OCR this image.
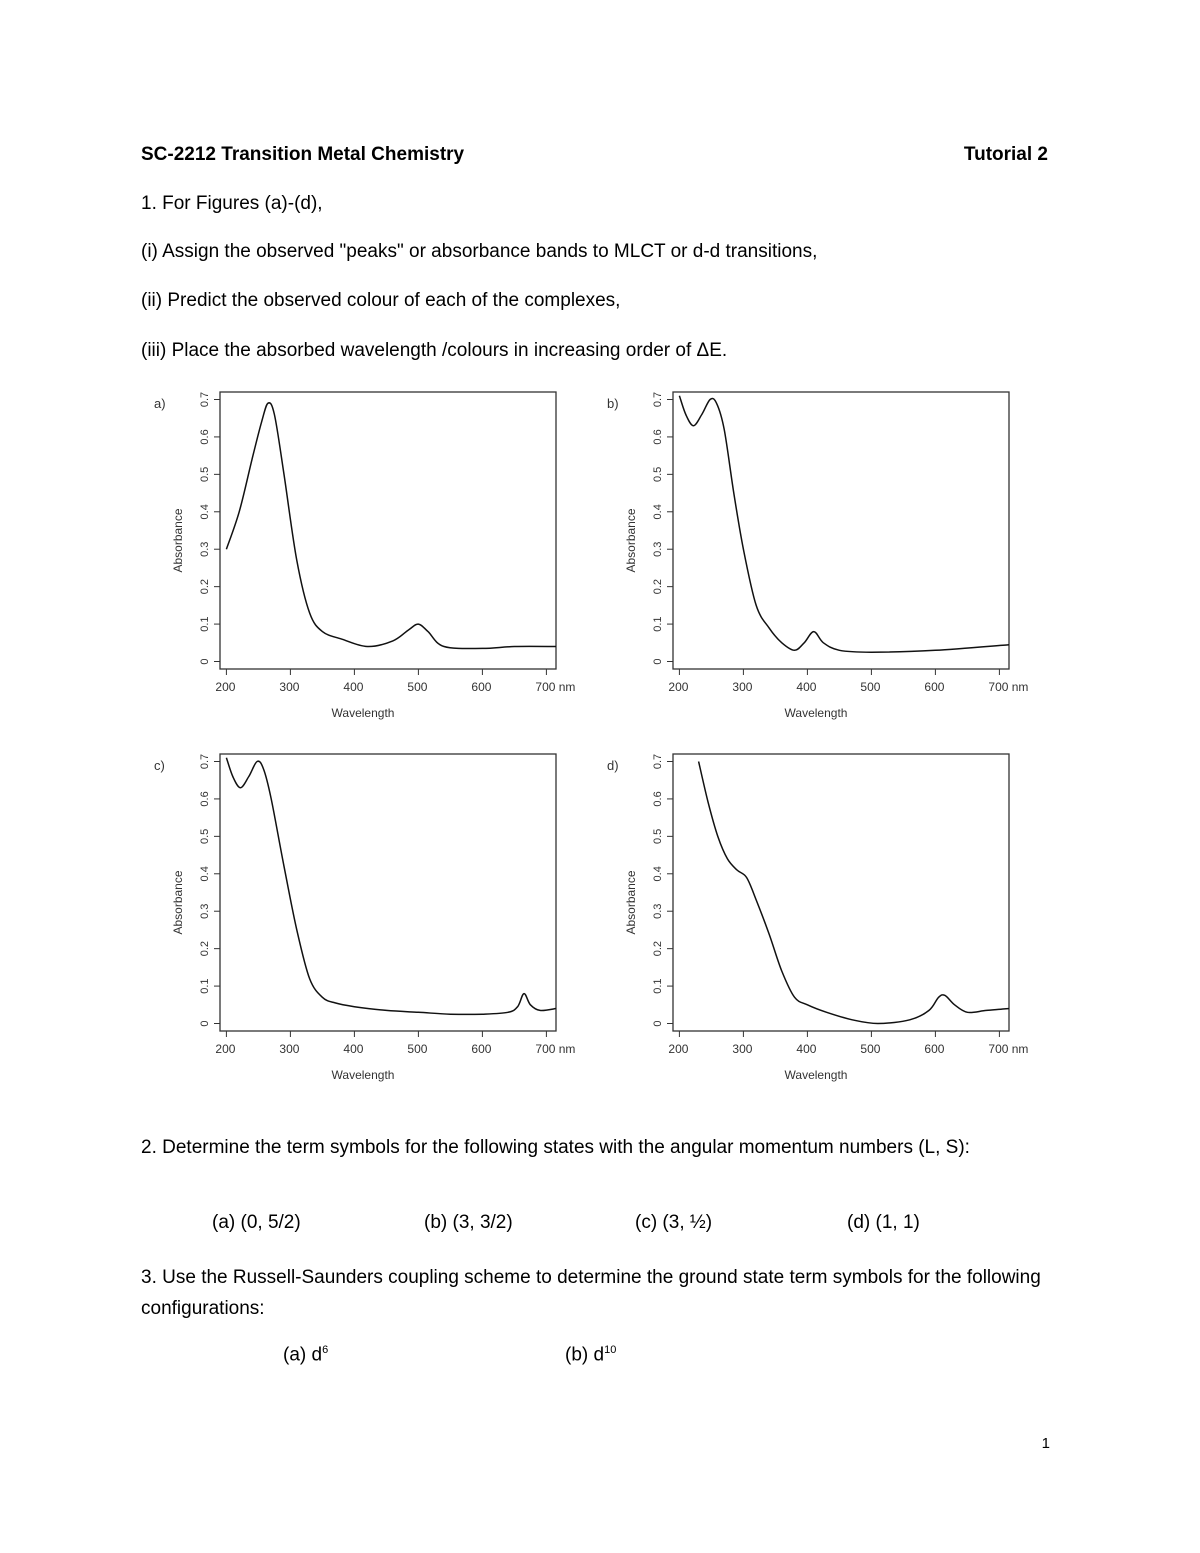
SC-2212 Transition Metal Chemistry	Tutorial 2
1. For Figures (a)-(d),
(i) Assign the observed "peaks" or absorbance bands to MLCT or d-d transitions,
(ii) Predict the observed colour of each of the complexes,
(iii) Place the absorbed wavelength /colours in increasing order of ΔE.
a)
200	300	400	500	600	700 nm
0
0.1
0.2
0.3
0.4
0.5
0.6
0.7
Wavelength
Absorbance
b)
200	300	400	500	600	700 nm
0
0.1
0.2
0.3
0.4
0.5
0.6
0.7
Wavelength
Absorbance
c)
200	300	400	500	600	700 nm
0
0.1
0.2
0.3
0.4
0.5
0.6
0.7
Wavelength
Absorbance
d)
200	300	400	500	600	700 nm
0
0.1
0.2
0.3
0.4
0.5
0.6
0.7
Wavelength
Absorbance
2. Determine the term symbols for the following states with the angular momentum numbers (L, S):
(a) (0, 5/2)	(b) (3, 3/2)	(c) (3, ½)	(d) (1, 1)
3. Use the Russell-Saunders coupling scheme to determine the ground state term symbols for the following configurations:
(a) $d^6$	(b) $d^{10}$
1
